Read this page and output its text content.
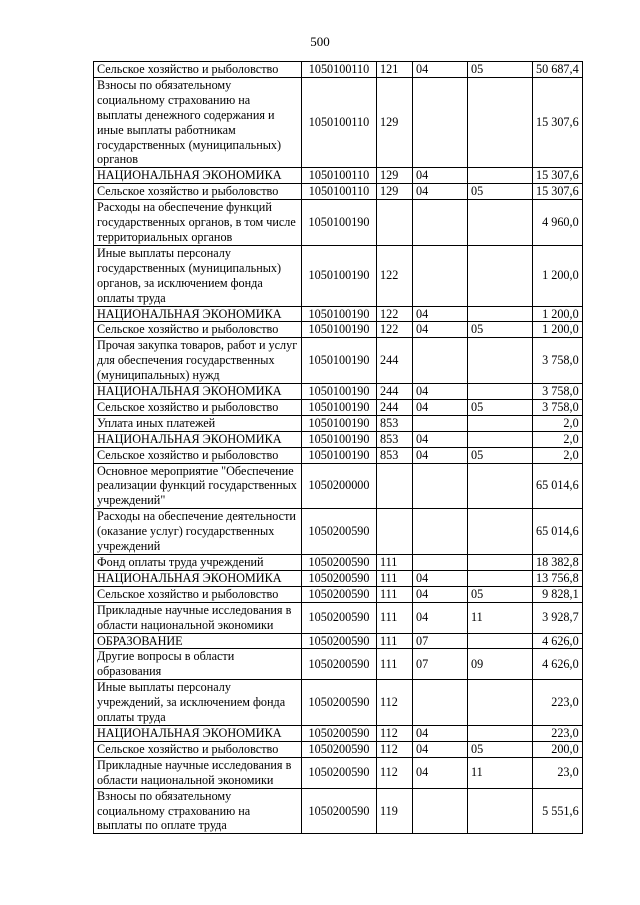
500
Сельское хозяйство и рыболовство	1050100110	121	04	05	50 687,4
Взносы по обязательному социальному страхованию на выплаты денежного содержания и иные выплаты работникам государственных (муниципальных) органов	1050100110	129			15 307,6
НАЦИОНАЛЬНАЯ ЭКОНОМИКА	1050100110	129	04		15 307,6
Сельское хозяйство и рыболовство	1050100110	129	04	05	15 307,6
Расходы на обеспечение функций государственных органов, в том числе территориальных органов	1050100190				4 960,0
Иные выплаты персоналу государственных (муниципальных) органов, за исключением фонда оплаты труда	1050100190	122			1 200,0
НАЦИОНАЛЬНАЯ ЭКОНОМИКА	1050100190	122	04		1 200,0
Сельское хозяйство и рыболовство	1050100190	122	04	05	1 200,0
Прочая закупка товаров, работ и услуг для обеспечения государственных (муниципальных) нужд	1050100190	244			3 758,0
НАЦИОНАЛЬНАЯ ЭКОНОМИКА	1050100190	244	04		3 758,0
Сельское хозяйство и рыболовство	1050100190	244	04	05	3 758,0
Уплата иных платежей	1050100190	853			2,0
НАЦИОНАЛЬНАЯ ЭКОНОМИКА	1050100190	853	04		2,0
Сельское хозяйство и рыболовство	1050100190	853	04	05	2,0
Основное мероприятие "Обеспечение реализации функций государственных учреждений"	1050200000				65 014,6
Расходы на обеспечение деятельности (оказание услуг) государственных учреждений	1050200590				65 014,6
Фонд оплаты труда учреждений	1050200590	111			18 382,8
НАЦИОНАЛЬНАЯ ЭКОНОМИКА	1050200590	111	04		13 756,8
Сельское хозяйство и рыболовство	1050200590	111	04	05	9 828,1
Прикладные научные исследования в области национальной экономики	1050200590	111	04	11	3 928,7
ОБРАЗОВАНИЕ	1050200590	111	07		4 626,0
Другие вопросы в области образования	1050200590	111	07	09	4 626,0
Иные выплаты персоналу учреждений, за исключением фонда оплаты труда	1050200590	112			223,0
НАЦИОНАЛЬНАЯ ЭКОНОМИКА	1050200590	112	04		223,0
Сельское хозяйство и рыболовство	1050200590	112	04	05	200,0
Прикладные научные исследования в области национальной экономики	1050200590	112	04	11	23,0
Взносы по обязательному социальному страхованию на выплаты по оплате труда	1050200590	119			5 551,6
